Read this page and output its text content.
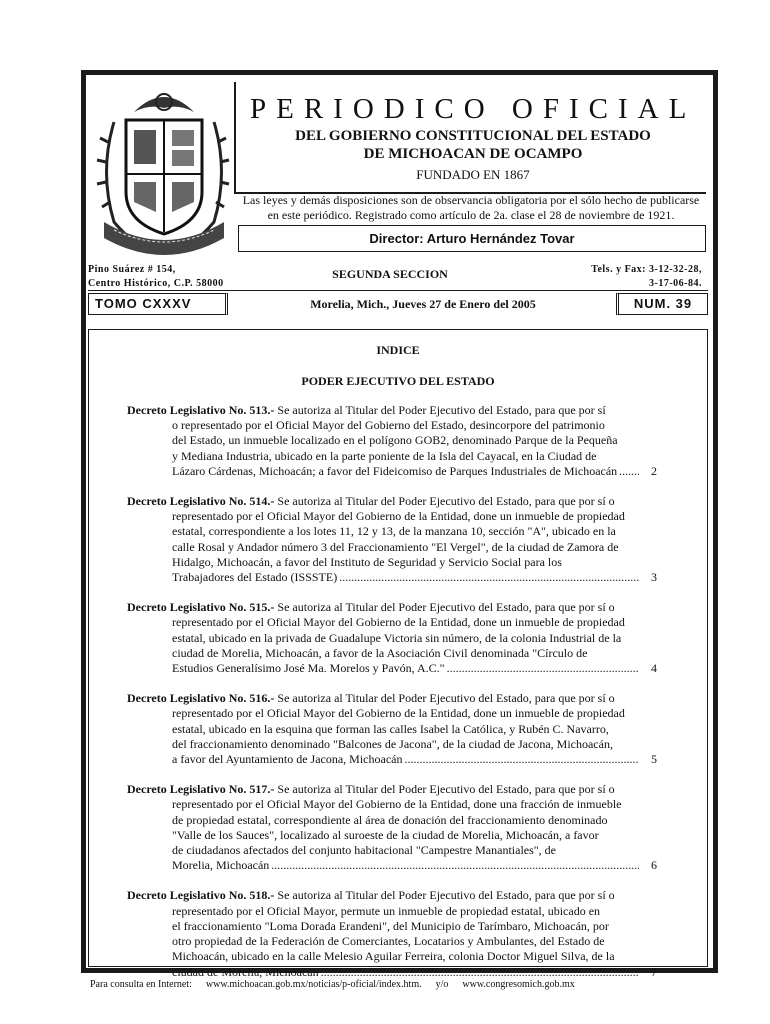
PERIODICO OFICIAL
DEL GOBIERNO CONSTITUCIONAL DEL ESTADO
DE MICHOACAN DE OCAMPO
FUNDADO EN 1867
Las leyes y demás disposiciones son de observancia obligatoria por el sólo hecho de publicarse
en este periódico. Registrado como artículo de 2a. clase el 28 de noviembre de 1921.
Director: Arturo Hernández Tovar
Pino Suárez # 154,
Centro Histórico, C.P. 58000
SEGUNDA SECCION	Tels. y Fax: 3-12-32-28,
3-17-06-84.
TOMO CXXXV	Morelia, Mich., Jueves 27 de Enero del 2005	NUM. 39
INDICE
PODER EJECUTIVO DEL ESTADO
Decreto Legislativo No. 513.- Se autoriza al Titular del Poder Ejecutivo del Estado, para que por sí
o representado por el Oficial Mayor del Gobierno del Estado, desincorpore del patrimonio
del Estado, un inmueble localizado en el polígono GOB2, denominado Parque de la Pequeña
y Mediana Industria, ubicado en la parte poniente de la Isla del Cayacal, en la Ciudad de
Lázaro Cárdenas, Michoacán; a favor del Fideicomiso de Parques Industriales de Michoacán .....	2
Decreto Legislativo No. 514.- Se autoriza al Titular del Poder Ejecutivo del Estado, para que por sí o
representado por el Oficial Mayor del Gobierno de la Entidad, done un inmueble de propiedad
estatal, correspondiente a los lotes 11, 12 y 13, de la manzana 10, sección "A", ubicado en la
calle Rosal y Andador número 3 del Fraccionamiento "El Vergel", de la ciudad de Zamora de
Hidalgo, Michoacán, a favor del Instituto de Seguridad y Servicio Social para los
Trabajadores del Estado (ISSSTE) .....	3
Decreto Legislativo No. 515.- Se autoriza al Titular del Poder Ejecutivo del Estado, para que por sí o
representado por el Oficial Mayor del Gobierno de la Entidad, done un inmueble de propiedad
estatal, ubicado en la privada de Guadalupe Victoria sin número, de la colonia Industrial de la
ciudad de Morelia, Michoacán, a favor de la Asociación Civil denominada "Círculo de
Estudios Generalísimo José Ma. Morelos y Pavón, A.C." .....	4
Decreto Legislativo No. 516.- Se autoriza al Titular del Poder Ejecutivo del Estado, para que por sí o
representado por el Oficial Mayor del Gobierno de la Entidad, done un inmueble de propiedad
estatal, ubicado en la esquina que forman las calles Isabel la Católica, y Rubén C. Navarro,
del fraccionamiento denominado "Balcones de Jacona", de la ciudad de Jacona, Michoacán,
a favor del Ayuntamiento de Jacona, Michoacán .....	5
Decreto Legislativo No. 517.- Se autoriza al Titular del Poder Ejecutivo del Estado, para que por sí o
representado por el Oficial Mayor del Gobierno de la Entidad, done una fracción de inmueble
de propiedad estatal, correspondiente al área de donación del fraccionamiento denominado
"Valle de los Sauces", localizado al suroeste de la ciudad de Morelia, Michoacán, a favor
de ciudadanos afectados del conjunto habitacional "Campestre Manantiales", de
Morelia, Michoacán .....	6
Decreto Legislativo No. 518.- Se autoriza al Titular del Poder Ejecutivo del Estado, para que por sí o
representado por el Oficial Mayor, permute un inmueble de propiedad estatal, ubicado en
el fraccionamiento "Loma Dorada Erandeni", del Municipio de Tarímbaro, Michoacán, por
otro propiedad de la Federación de Comerciantes, Locatarios y Ambulantes, del Estado de
Michoacán, ubicado en la calle Melesio Aguilar Ferreira, colonia Doctor Miguel Silva, de la
ciudad de Morelia, Michoacán .....	7
Para consulta en Internet: www.michoacan.gob.mx/noticias/p-oficial/index.htm. y/o www.congresomich.gob.mx
